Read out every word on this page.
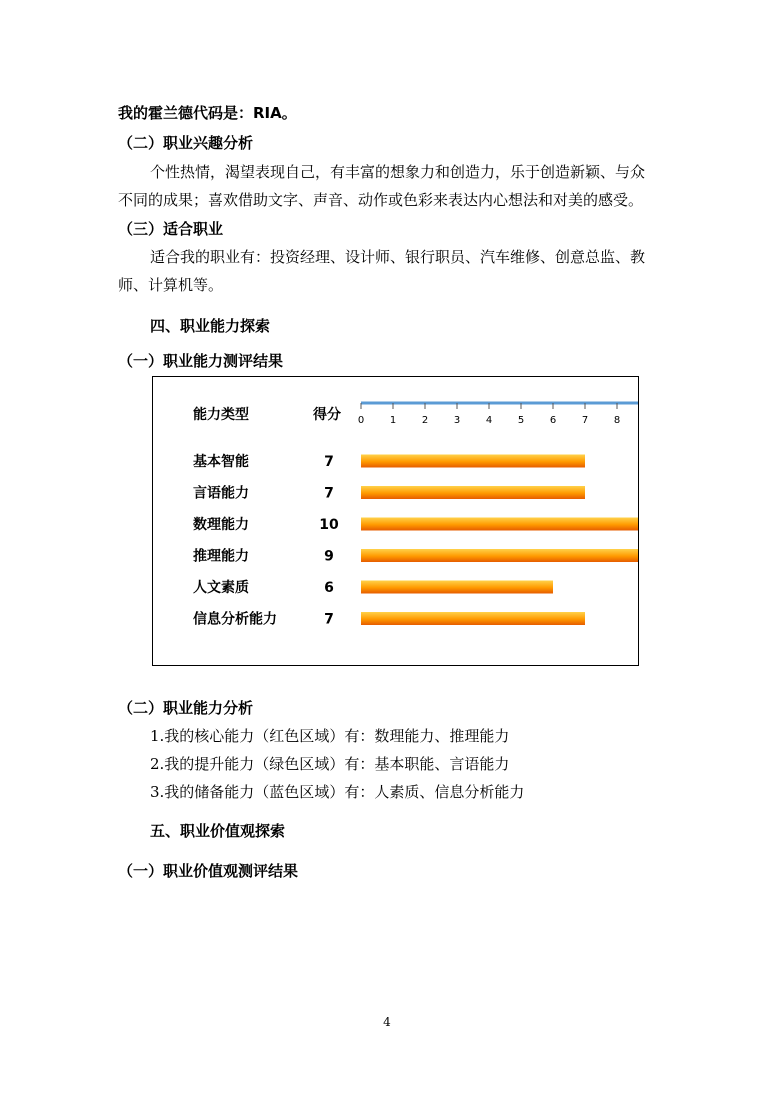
我的霍兰德代码是：RIA。
（二）职业兴趣分析
个性热情，渴望表现自己，有丰富的想象力和创造力，乐于创造新颖、与众
不同的成果；喜欢借助文字、声音、动作或色彩来表达内心想法和对美的感受。
（三）适合职业
适合我的职业有：投资经理、设计师、银行职员、汽车维修、创意总监、教
师、计算机等。
四、职业能力探索
（一）职业能力测评结果
能力类型	得分 0	1	2	3	4	5	6	7	8
基本智能	7
言语能力	7
数理能力	10
推理能力	9
人文素质	6
信息分析能力	7
（二）职业能力分析
1.我的核心能力（红色区域）有：数理能力、推理能力
2.我的提升能力（绿色区域）有：基本职能、言语能力
3.我的储备能力（蓝色区域）有：人素质、信息分析能力
五、职业价值观探索
（一）职业价值观测评结果
4
